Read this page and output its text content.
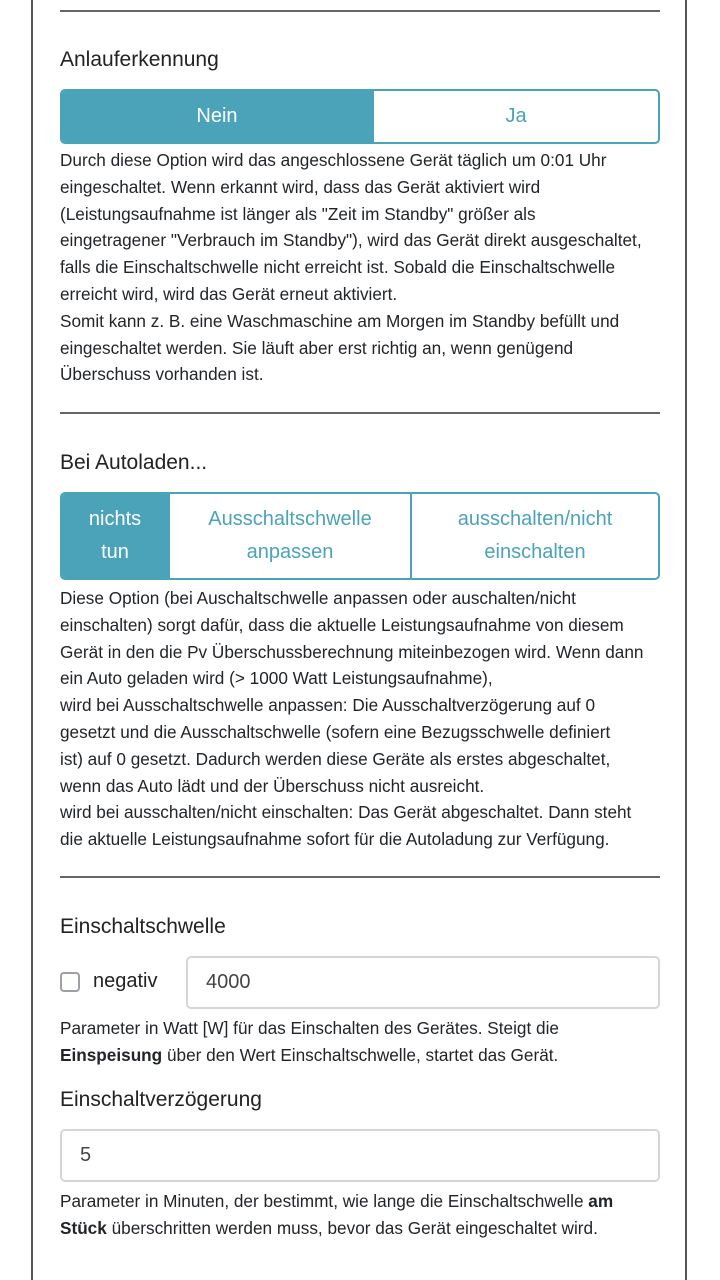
Anlauferkennung
Nein	Ja
Durch diese Option wird das angeschlossene Gerät täglich um 0:01 Uhr
eingeschaltet. Wenn erkannt wird, dass das Gerät aktiviert wird
(Leistungsaufnahme ist länger als "Zeit im Standby" größer als
eingetragener "Verbrauch im Standby"), wird das Gerät direkt ausgeschaltet,
falls die Einschaltschwelle nicht erreicht ist. Sobald die Einschaltschwelle
erreicht wird, wird das Gerät erneut aktiviert.
Somit kann z. B. eine Waschmaschine am Morgen im Standby befüllt und
eingeschaltet werden. Sie läuft aber erst richtig an, wenn genügend
Überschuss vorhanden ist.
Bei Autoladen...
nichts
tun
Ausschaltschwelle
anpassen
ausschalten/nicht
einschalten
Diese Option (bei Auschaltschwelle anpassen oder auschalten/nicht
einschalten) sorgt dafür, dass die aktuelle Leistungsaufnahme von diesem
Gerät in den die Pv Überschussberechnung miteinbezogen wird. Wenn dann
ein Auto geladen wird (> 1000 Watt Leistungsaufnahme),
wird bei Ausschaltschwelle anpassen: Die Ausschaltverzögerung auf 0
gesetzt und die Ausschaltschwelle (sofern eine Bezugsschwelle definiert
ist) auf 0 gesetzt. Dadurch werden diese Geräte als erstes abgeschaltet,
wenn das Auto lädt und der Überschuss nicht ausreicht.
wird bei ausschalten/nicht einschalten: Das Gerät abgeschaltet. Dann steht
die aktuelle Leistungsaufnahme sofort für die Autoladung zur Verfügung.
Einschaltschwelle
negativ	4000
Parameter in Watt [W] für das Einschalten des Gerätes. Steigt die
Einspeisung über den Wert Einschaltschwelle, startet das Gerät.
Einschaltverzögerung
5
Parameter in Minuten, der bestimmt, wie lange die Einschaltschwelle am
Stück überschritten werden muss, bevor das Gerät eingeschaltet wird.
